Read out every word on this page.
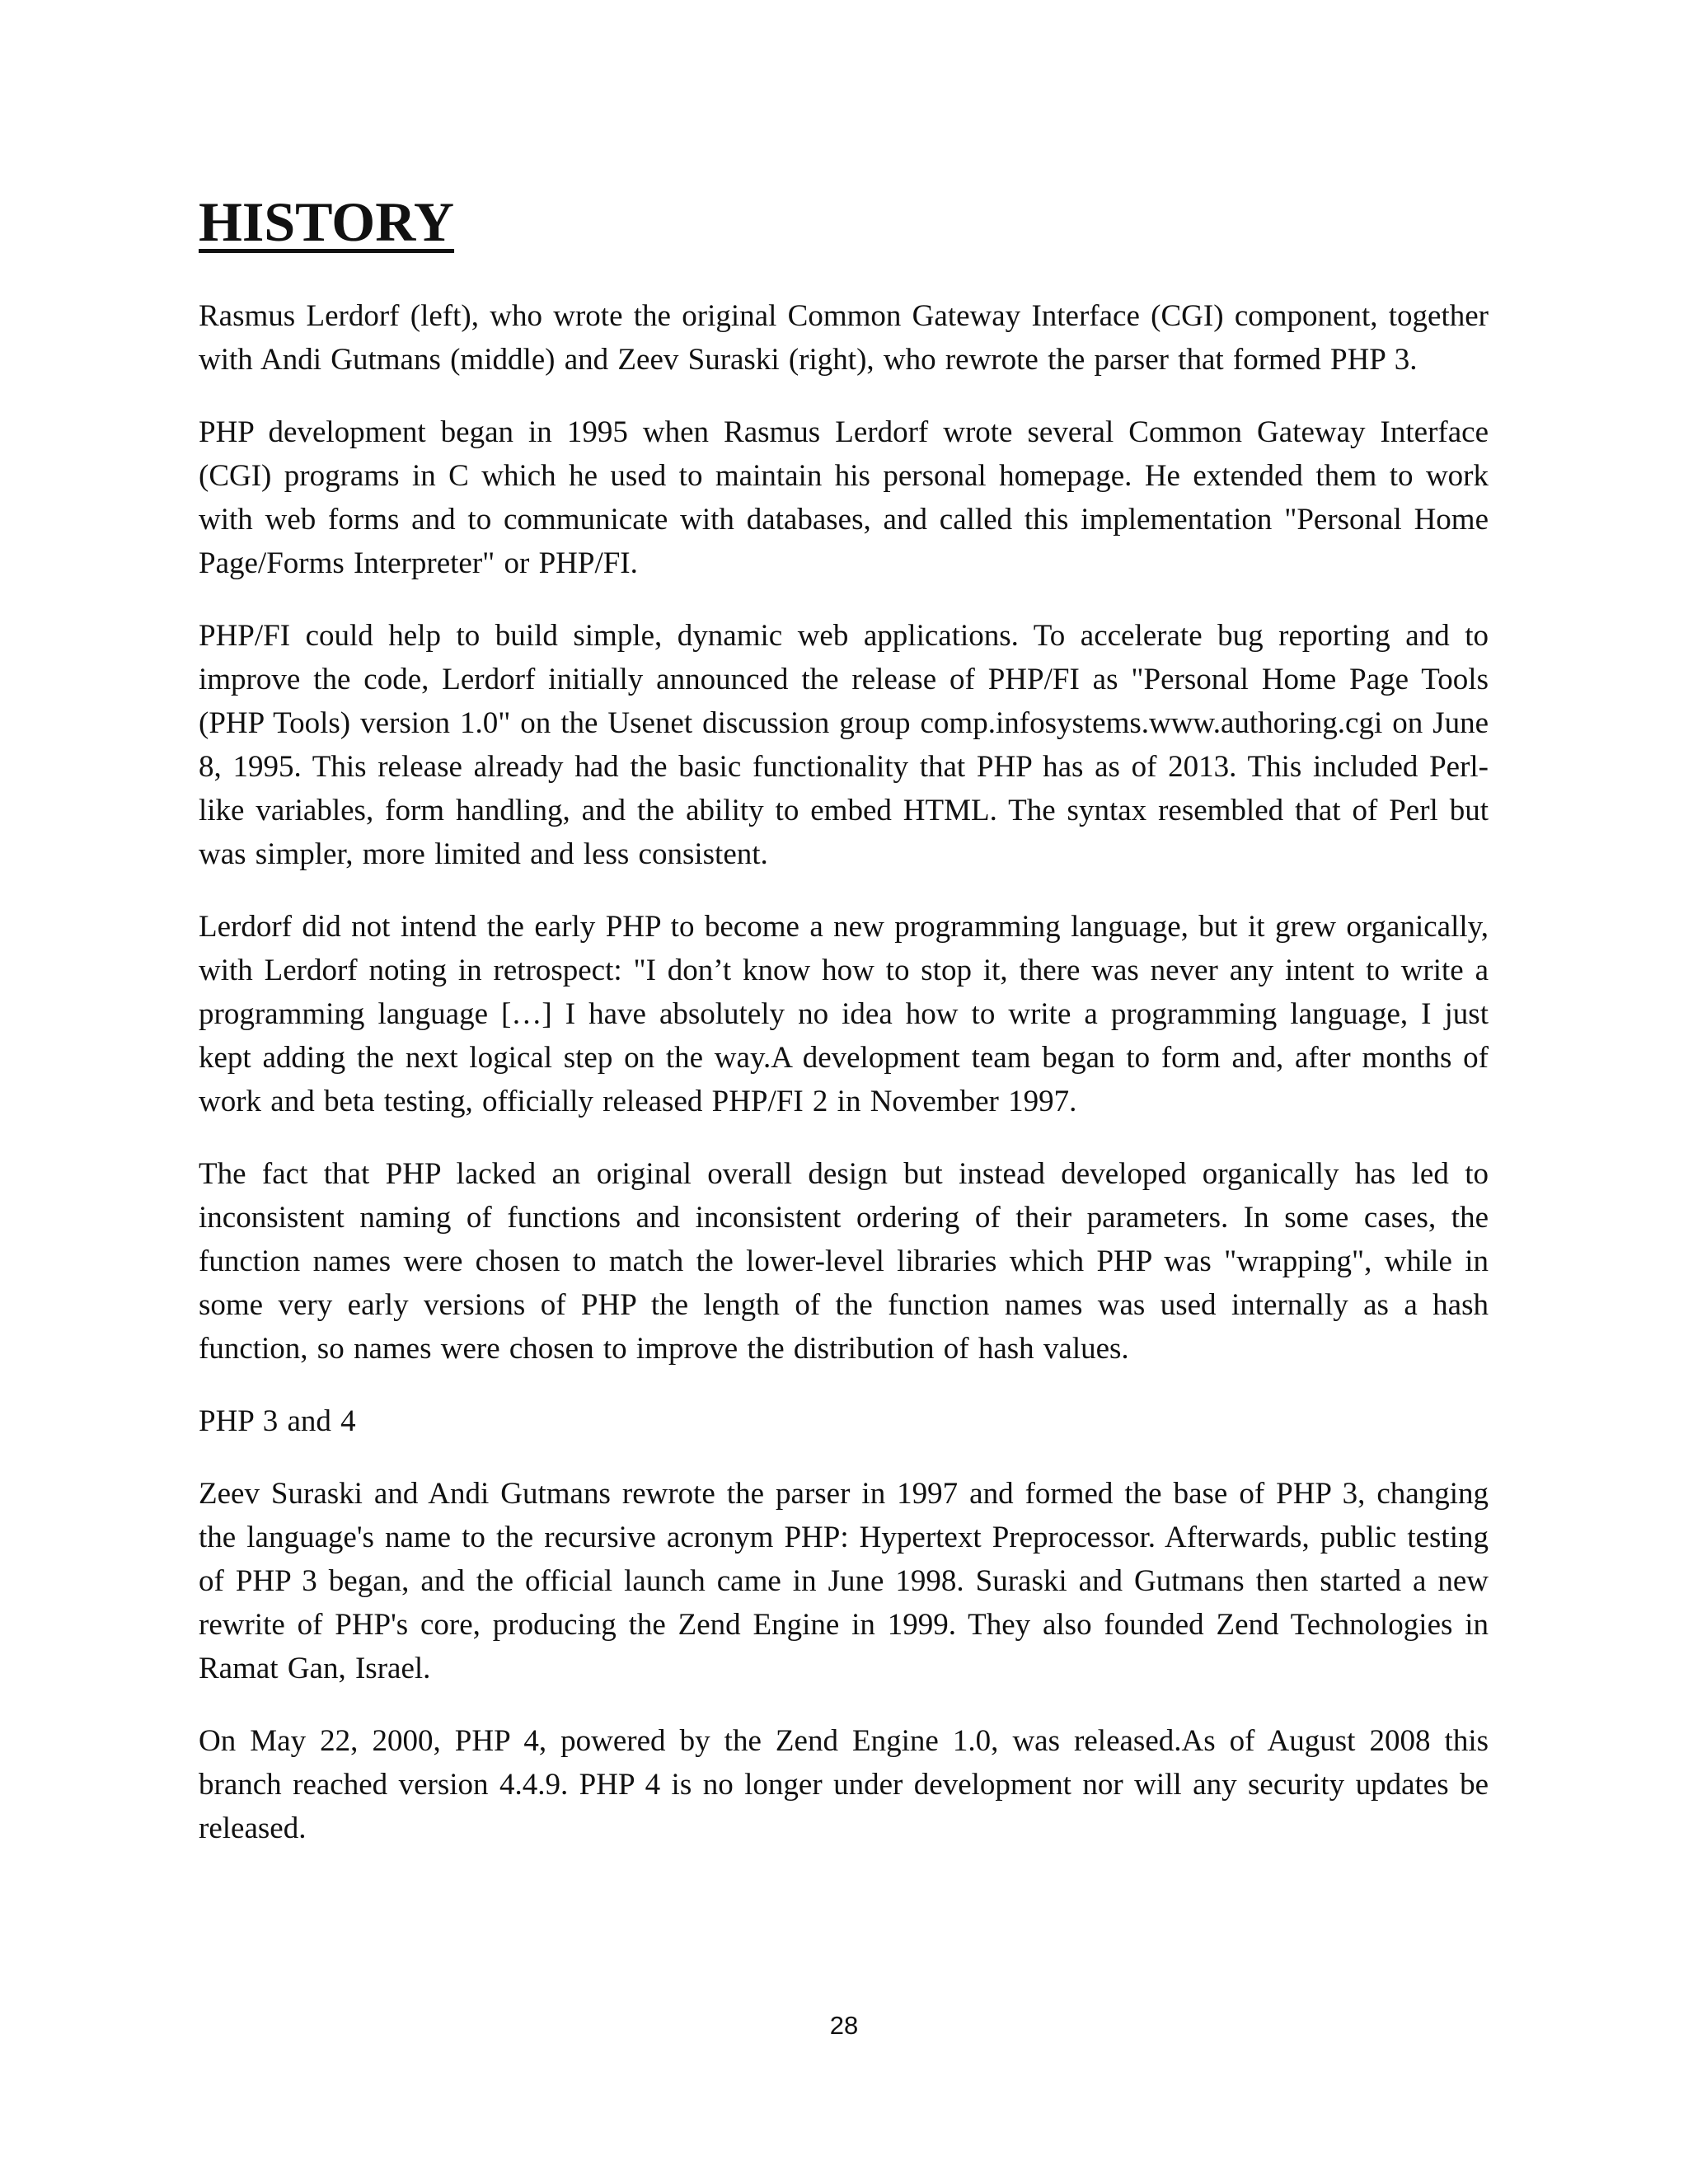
HISTORY

Rasmus Lerdorf (left), who wrote the original Common Gateway Interface (CGI) component, together with Andi Gutmans (middle) and Zeev Suraski (right), who rewrote the parser that formed PHP 3.

PHP development began in 1995 when Rasmus Lerdorf wrote several Common Gateway Interface (CGI) programs in C which he used to maintain his personal homepage. He extended them to work with web forms and to communicate with databases, and called this implementation "Personal Home Page/Forms Interpreter" or PHP/FI.

PHP/FI could help to build simple, dynamic web applications. To accelerate bug reporting and to improve the code, Lerdorf initially announced the release of PHP/FI as "Personal Home Page Tools (PHP Tools) version 1.0" on the Usenet discussion group comp.infosystems.www.authoring.cgi on June 8, 1995. This release already had the basic functionality that PHP has as of 2013. This included Perl-like variables, form handling, and the ability to embed HTML. The syntax resembled that of Perl but was simpler, more limited and less consistent.

Lerdorf did not intend the early PHP to become a new programming language, but it grew organically, with Lerdorf noting in retrospect: "I don’t know how to stop it, there was never any intent to write a programming language […] I have absolutely no idea how to write a programming language, I just kept adding the next logical step on the way.A development team began to form and, after months of work and beta testing, officially released PHP/FI 2 in November 1997.

The fact that PHP lacked an original overall design but instead developed organically has led to inconsistent naming of functions and inconsistent ordering of their parameters. In some cases, the function names were chosen to match the lower-level libraries which PHP was "wrapping", while in some very early versions of PHP the length of the function names was used internally as a hash function, so names were chosen to improve the distribution of hash values.

PHP 3 and 4

Zeev Suraski and Andi Gutmans rewrote the parser in 1997 and formed the base of PHP 3, changing the language's name to the recursive acronym PHP: Hypertext Preprocessor. Afterwards, public testing of PHP 3 began, and the official launch came in June 1998. Suraski and Gutmans then started a new rewrite of PHP's core, producing the Zend Engine in 1999. They also founded Zend Technologies in Ramat Gan, Israel.

On May 22, 2000, PHP 4, powered by the Zend Engine 1.0, was released.As of August 2008 this branch reached version 4.4.9. PHP 4 is no longer under development nor will any security updates be released.

28
